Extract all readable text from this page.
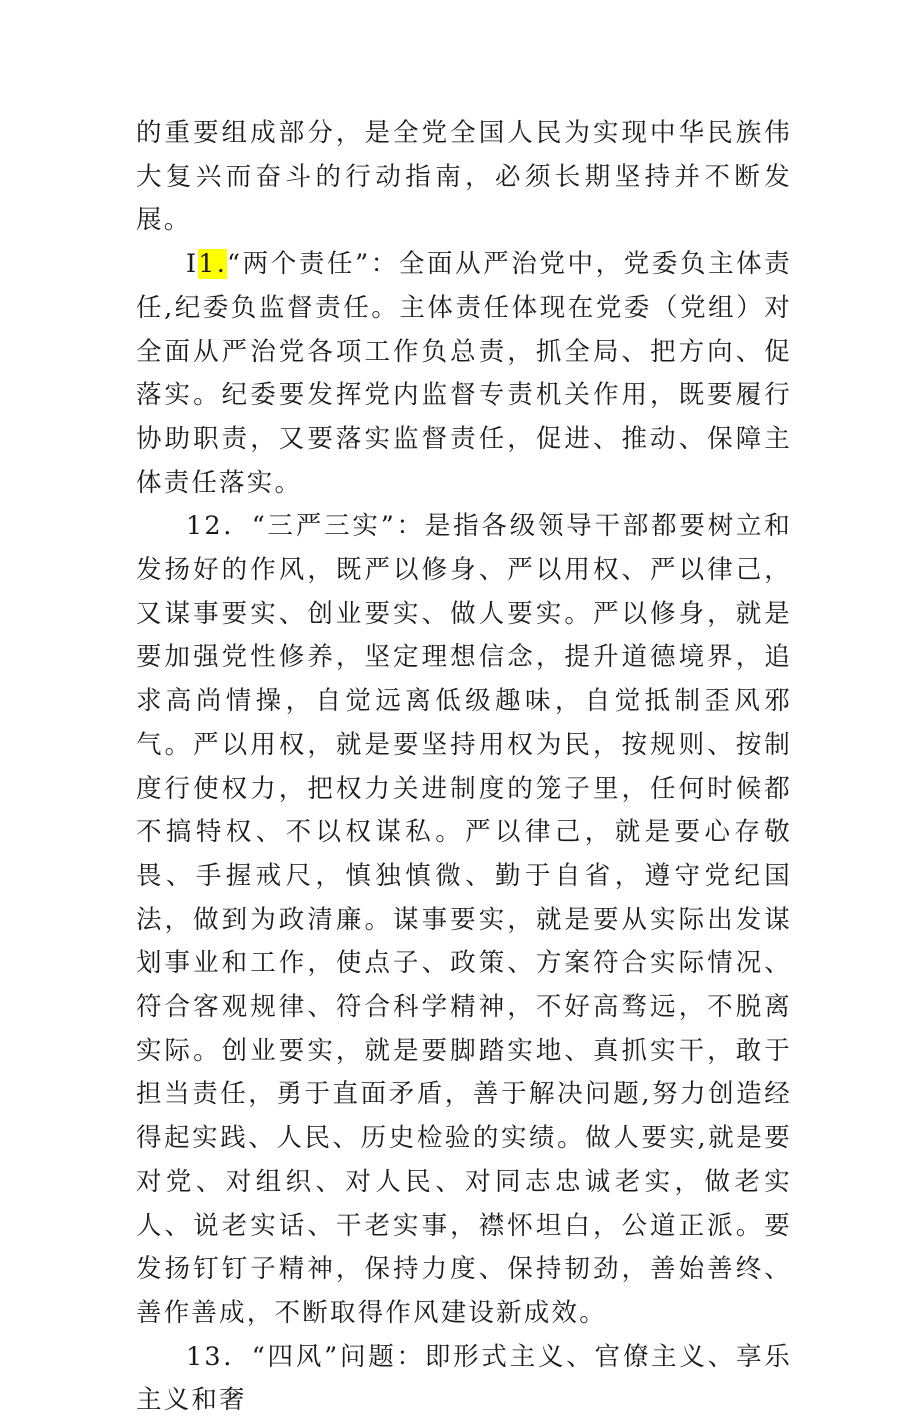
的重要组成部分，是全党全国人民为实现中华民族伟大复兴而奋斗的行动指南，必须长期坚持并不断发展。

I1.“两个责任”：全面从严治党中，党委负主体责任,纪委负监督责任。主体责任体现在党委（党组）对全面从严治党各项工作负总责，抓全局、把方向、促落实。纪委要发挥党内监督专责机关作用，既要履行协助职责，又要落实监督责任，促进、推动、保障主体责任落实。

12．“三严三实”：是指各级领导干部都要树立和发扬好的作风，既严以修身、严以用权、严以律己，又谋事要实、创业要实、做人要实。严以修身，就是要加强党性修养，坚定理想信念，提升道德境界，追求高尚情操，自觉远离低级趣味，自觉抵制歪风邪气。严以用权，就是要坚持用权为民，按规则、按制度行使权力，把权力关进制度的笼子里，任何时候都不搞特权、不以权谋私。严以律己，就是要心存敬畏、手握戒尺，慎独慎微、勤于自省，遵守党纪国法，做到为政清廉。谋事要实，就是要从实际出发谋划事业和工作，使点子、政策、方案符合实际情况、符合客观规律、符合科学精神，不好高骛远，不脱离实际。创业要实，就是要脚踏实地、真抓实干，敢于担当责任，勇于直面矛盾，善于解决问题,努力创造经得起实践、人民、历史检验的实绩。做人要实,就是要对党、对组织、对人民、对同志忠诚老实，做老实人、说老实话、干老实事，襟怀坦白，公道正派。要发扬钉钉子精神，保持力度、保持韧劲，善始善终、善作善成，不断取得作风建设新成效。

13．“四风”问题：即形式主义、官僚主义、享乐主义和奢
